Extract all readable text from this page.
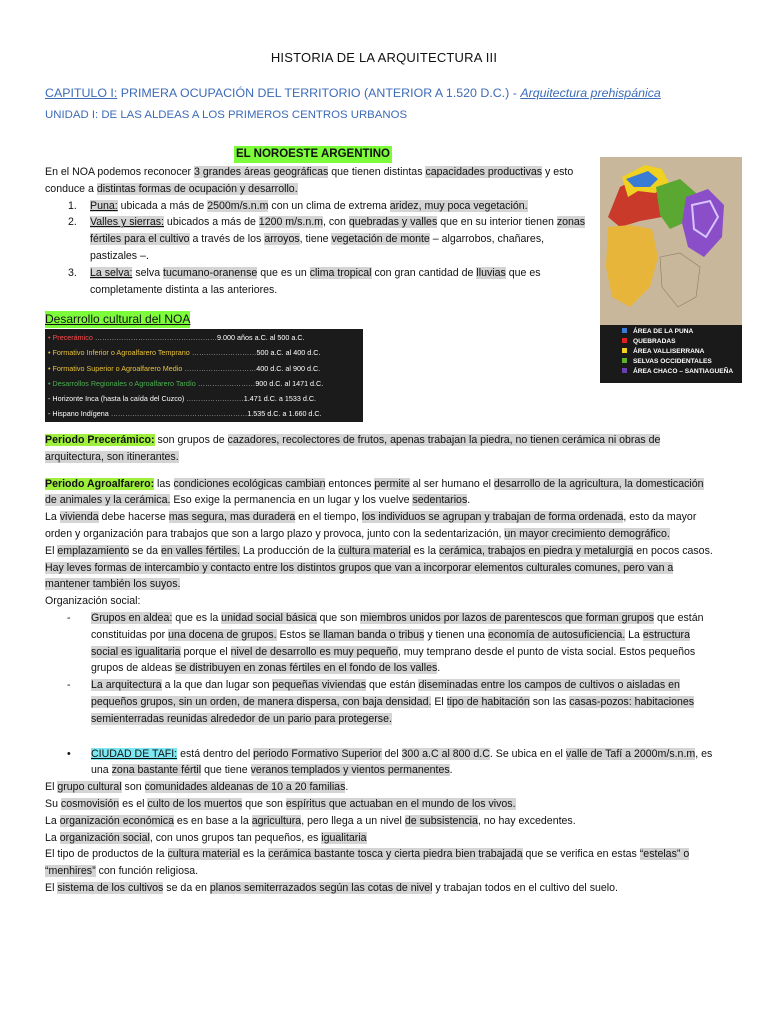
HISTORIA DE LA ARQUITECTURA III
CAPITULO I: PRIMERA OCUPACIÓN DEL TERRITORIO (ANTERIOR A 1.520 D.C.) - Arquitectura prehispánica
UNIDAD I: DE LAS ALDEAS A LOS PRIMEROS CENTROS URBANOS
EL NOROESTE ARGENTINO
En el NOA podemos reconocer 3 grandes áreas geográficas que tienen distintas capacidades productivas y esto conduce a distintas formas de ocupación y desarrollo.
1. Puna: ubicada a más de 2500m/s.n.m con un clima de extrema aridez, muy poca vegetación.
2. Valles y sierras: ubicados a más de 1200 m/s.n.m, con quebradas y valles que en su interior tienen zonas fértiles para el cultivo a través de los arroyos, tiene vegetación de monte – algarrobos, chañares, pastizales –.
3. La selva: selva tucumano-oranense que es un clima tropical con gran cantidad de lluvias que es completamente distinta a las anteriores.
ÁREA DE LA PUNA
QUEBRADAS
ÁREA VALLISERRANA
SELVAS OCCIDENTALES
ÁREA CHACO – SANTIAGUEÑA
Desarrollo cultural del NOA
• Precerámico ……………………………………………9.000 años a.C. al 500 a.C.
• Formativo Inferior o Agroalfarero Temprano ………………………500 a.C. al 400 d.C.
• Formativo Superior o Agroalfarero Medio …………………………400 d.C. al 900 d.C.
• Desarrollos Regionales o Agroalfarero Tardío ……………………900 d.C. al 1471 d.C.
- Horizonte Inca (hasta la caída del Cuzco) ……………………1.471 d.C. a 1533 d.C.
- Hispano Indígena …………………………………………………1.535 d.C. a 1.660 d.C.
Periodo Precerámico: son grupos de cazadores, recolectores de frutos, apenas trabajan la piedra, no tienen cerámica ni obras de arquitectura, son itinerantes.
Periodo Agroalfarero: las condiciones ecológicas cambian entonces permite al ser humano el desarrollo de la agricultura, la domesticación de animales y la cerámica. Eso exige la permanencia en un lugar y los vuelve sedentarios.
La vivienda debe hacerse mas segura, mas duradera en el tiempo, los individuos se agrupan y trabajan de forma ordenada, esto da mayor orden y organización para trabajos que son a largo plazo y provoca, junto con la sedentarización, un mayor crecimiento demográfico.
El emplazamiento se da en valles fértiles. La producción de la cultura material es la cerámica, trabajos en piedra y metalurgia en pocos casos. Hay leves formas de intercambio y contacto entre los distintos grupos que van a incorporar elementos culturales comunes, pero van a mantener también los suyos.
Organización social:
- Grupos en aldea: que es la unidad social básica que son miembros unidos por lazos de parentescos que forman grupos que están constituidas por una docena de grupos. Estos se llaman banda o tribus y tienen una economía de autosuficiencia. La estructura social es igualitaria porque el nivel de desarrollo es muy pequeño, muy temprano desde el punto de vista social. Estos pequeños grupos de aldeas se distribuyen en zonas fértiles en el fondo de los valles.
- La arquitectura a la que dan lugar son pequeñas viviendas que están diseminadas entre los campos de cultivos o aisladas en pequeños grupos, sin un orden, de manera dispersa, con baja densidad. El tipo de habitación son las casas-pozos: habitaciones semienterradas reunidas alrededor de un pario para protegerse.
• CIUDAD DE TAFI: está dentro del periodo Formativo Superior del 300 a.C al 800 d.C. Se ubica en el valle de Tafí a 2000m/s.n.m, es una zona bastante fértil que tiene veranos templados y vientos permanentes.
El grupo cultural son comunidades aldeanas de 10 a 20 familias.
Su cosmovisión es el culto de los muertos que son espíritus que actuaban en el mundo de los vivos.
La organización económica es en base a la agricultura, pero llega a un nivel de subsistencia, no hay excedentes.
La organización social, con unos grupos tan pequeños, es igualitaria
El tipo de productos de la cultura material es la cerámica bastante tosca y cierta piedra bien trabajada que se verifica en estas “estelas” o “menhires” con función religiosa.
El sistema de los cultivos se da en planos semiterrazados según las cotas de nivel y trabajan todos en el cultivo del suelo.
